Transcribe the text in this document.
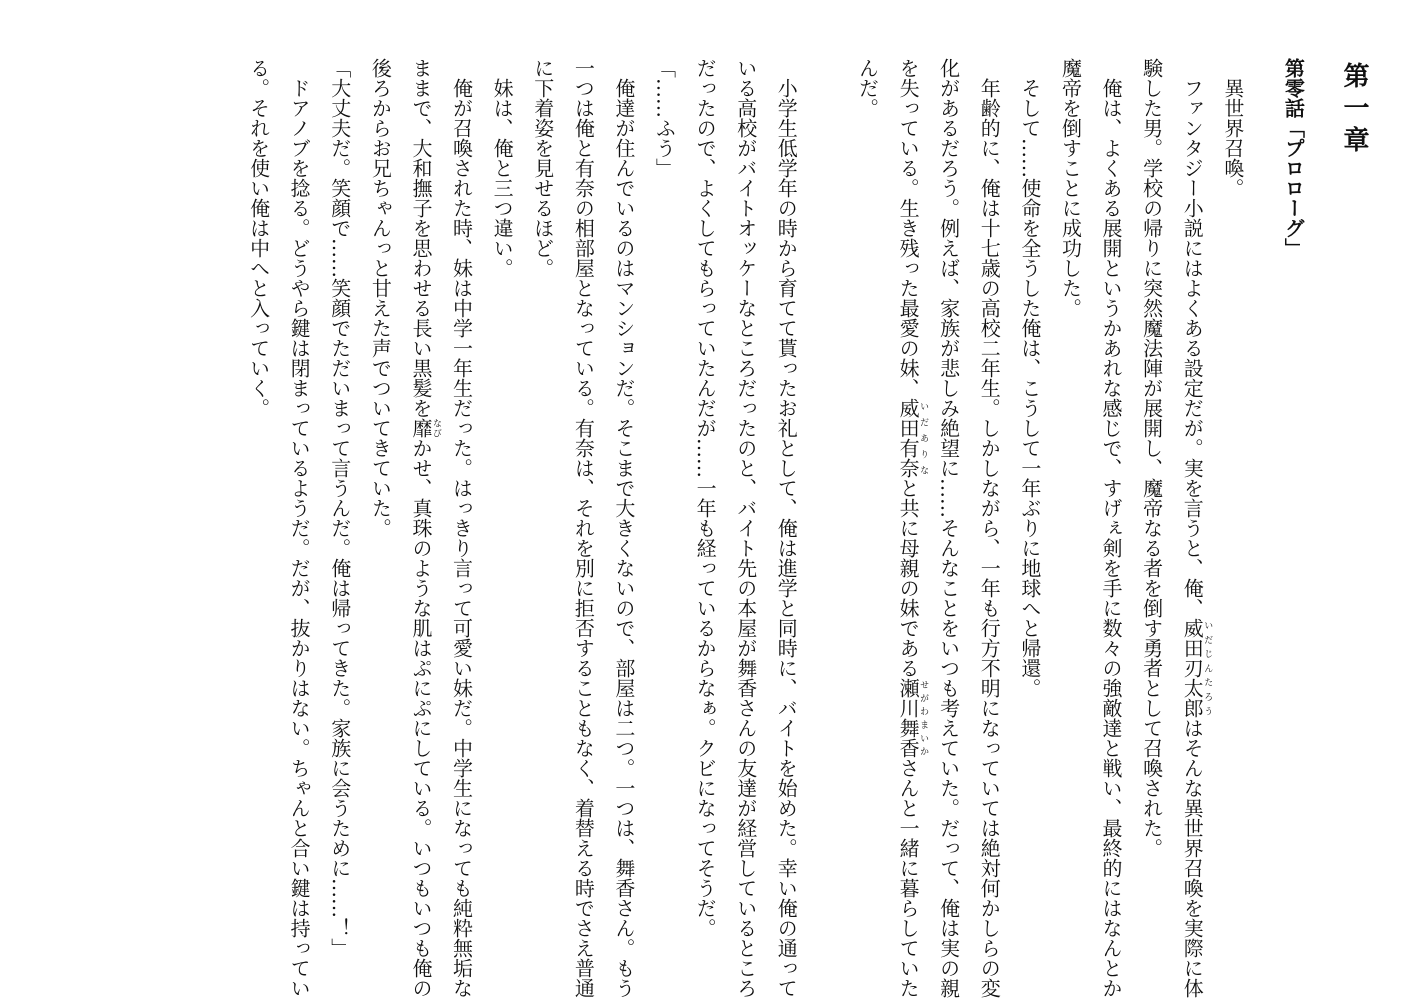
第一章
第零話「プロローグ」

　異世界召喚。

　ファンタジー小説にはよくある設定だが。実を言うと、俺、威田刃太郎いだじんたろうはそんな異世界召喚を実際に体験した男。学校の帰りに突然魔法陣が展開し、魔帝なる者を倒す勇者として召喚された。

　俺は、よくある展開というかあれな感じで、すげぇ剣を手に数々の強敵達と戦い、最終的にはなんとか魔帝を倒すことに成功した。

　そして……使命を全うした俺は、こうして一年ぶりに地球へと帰還。

　年齢的に、俺は十七歳の高校二年生。しかしながら、一年も行方不明になっていては絶対何かしらの変化があるだろう。例えば、家族が悲しみ絶望に……そんなことをいつも考えていた。だって、俺は実の親を失っている。生き残った最愛の妹、威田有奈いだありなと共に母親の妹である瀬川舞香せがわまいかさんと一緒に暮らしていたんだ。

　小学生低学年の時から育てて貰ったお礼として、俺は進学と同時に、バイトを始めた。幸い俺の通っている高校がバイトオッケーなところだったのと、バイト先の本屋が舞香さんの友達が経営しているところだったので、よくしてもらっていたんだが……一年も経っているからなぁ。クビになってそうだ。

「……ふう」

　俺達が住んでいるのはマンションだ。そこまで大きくないので、部屋は二つ。一つは、舞香さん。もう一つは俺と有奈の相部屋となっている。有奈は、それを別に拒否することもなく、着替える時でさえ普通に下着姿を見せるほど。

　妹は、俺と三つ違い。

　俺が召喚された時、妹は中学一年生だった。はっきり言って可愛い妹だ。中学生になっても純粋無垢なままで、大和撫子を思わせる長い黒髪を靡なびかせ、真珠のような肌はぷにぷにしている。いつもいつも俺の後ろからお兄ちゃんっと甘えた声でついてきていた。

「大丈夫だ。笑顔で……笑顔でただいまって言うんだ。俺は帰ってきた。家族に会うために……！」

　ドアノブを捻る。どうやら鍵は閉まっているようだ。だが、抜かりはない。ちゃんと合い鍵は持っている。それを使い俺は中へと入っていく。
